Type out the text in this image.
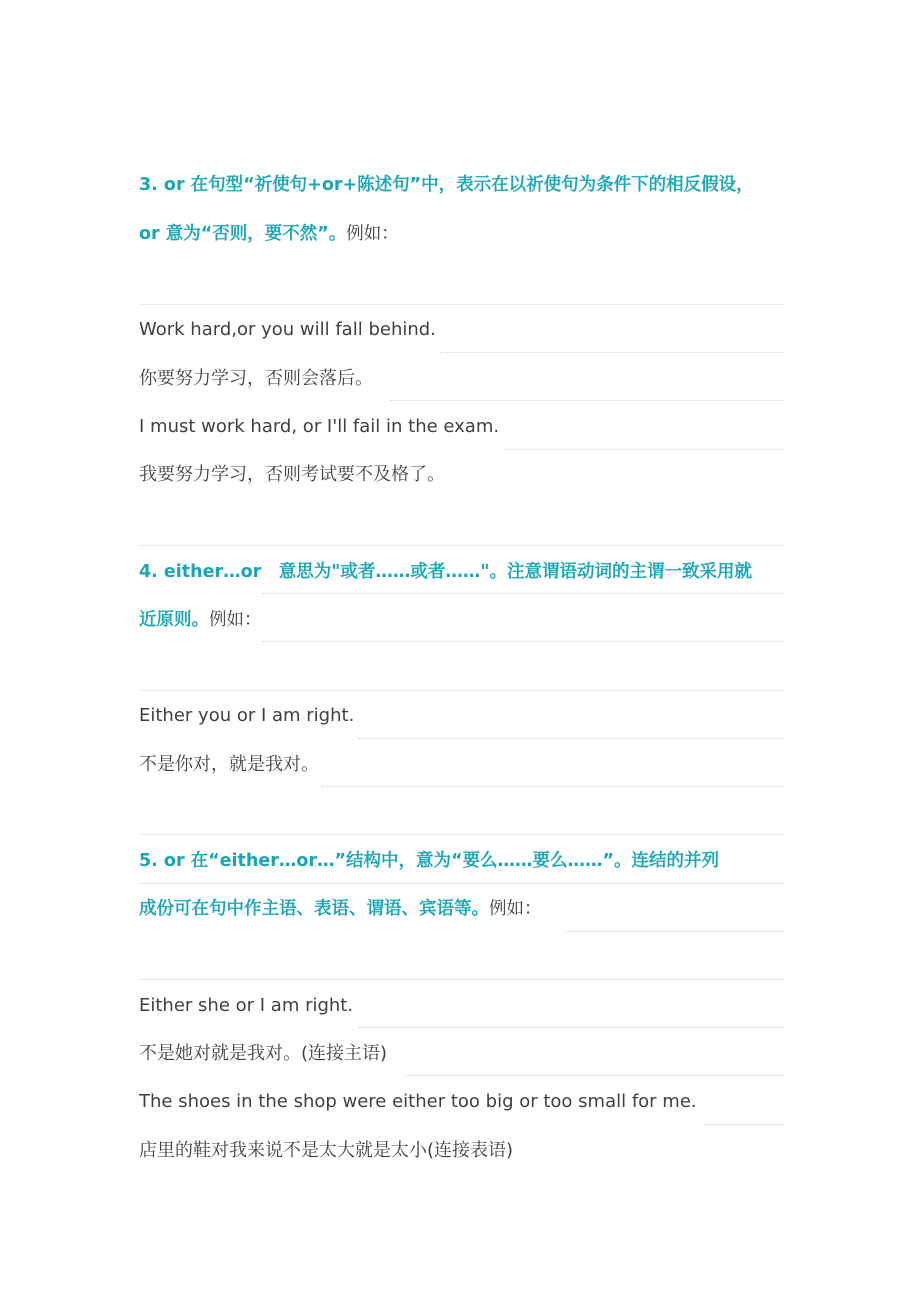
3. or 在句型“祈使句+or+陈述句”中，表示在以祈使句为条件下的相反假设，
or 意为“否则，要不然”。例如：
Work hard,or you will fall behind.
你要努力学习，否则会落后。
I must work hard, or I'll fail in the exam.
我要努力学习，否则考试要不及格了。
4. either…or　意思为"或者……或者……"。注意谓语动词的主谓一致采用就
近原则。例如：
Either you or I am right.
不是你对，就是我对。
5. or 在“either…or…”结构中，意为“要么……要么……”。连结的并列
成份可在句中作主语、表语、谓语、宾语等。例如：
Either she or I am right.
不是她对就是我对。(连接主语)
The shoes in the shop were either too big or too small for me.
店里的鞋对我来说不是太大就是太小(连接表语)
